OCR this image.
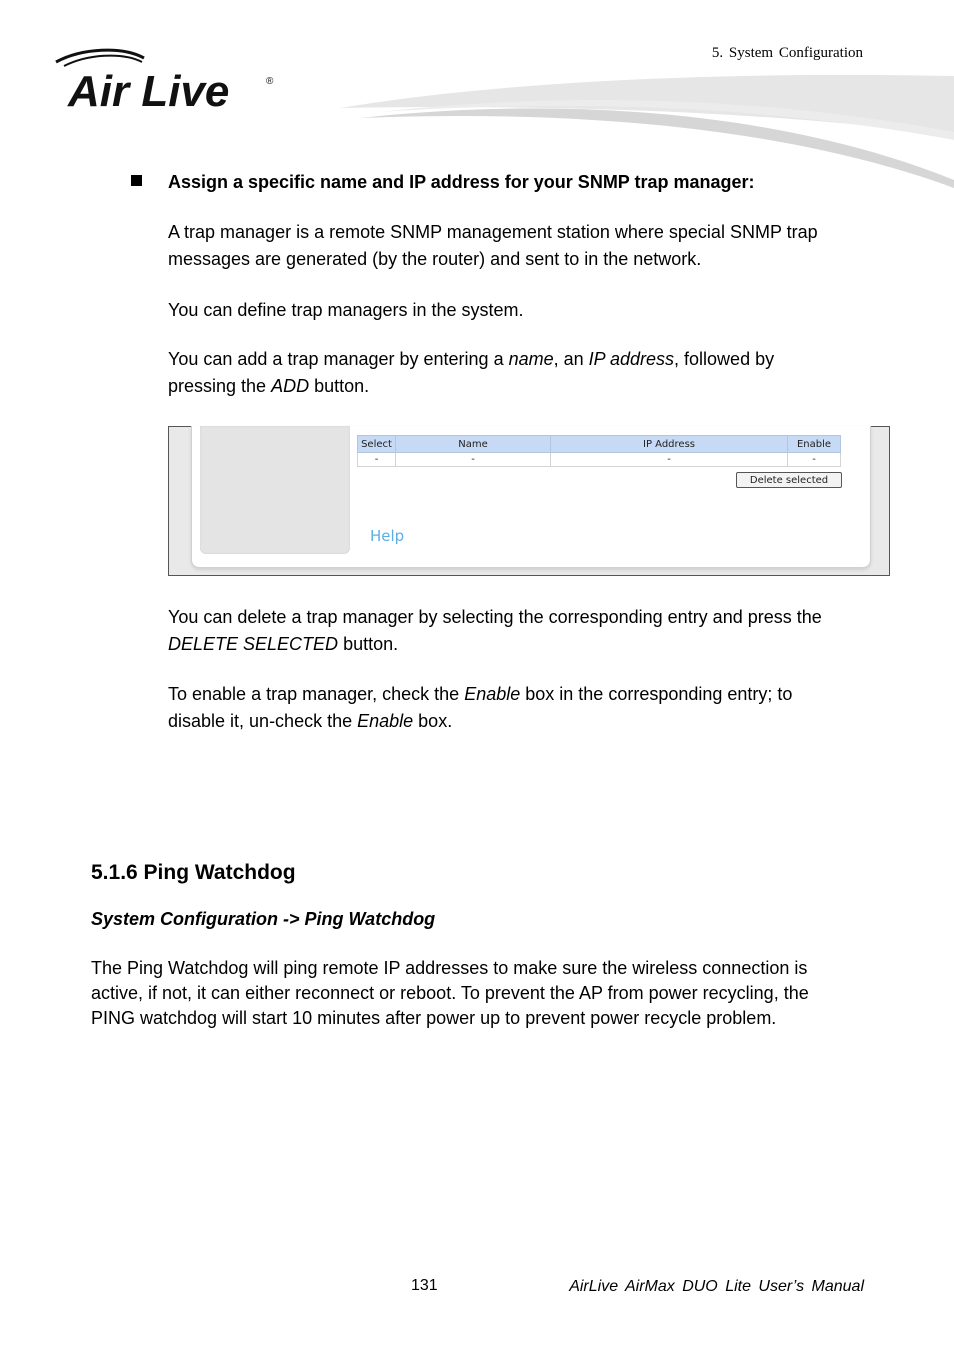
Air Live	®
5. System Configuration
Assign a specific name and IP address for your SNMP trap manager:
A trap manager is a remote SNMP management station where special SNMP trap
messages are generated (by the router) and sent to in the network.
You can define trap managers in the system.
You can add a trap manager by entering a name, an IP address, followed by
pressing the ADD button.
Select	Name	IP Address	Enable
-	-	-	-
Delete selected
Help
You can delete a trap manager by selecting the corresponding entry and press the
DELETE SELECTED button.
To enable a trap manager, check the Enable box in the corresponding entry; to
disable it, un-check the Enable box.
5.1.6 Ping Watchdog
System Configuration -> Ping Watchdog
The Ping Watchdog will ping remote IP addresses to make sure the wireless connection is
active, if not, it can either reconnect or reboot. To prevent the AP from power recycling, the
PING watchdog will start 10 minutes after power up to prevent power recycle problem.
131	AirLive AirMax DUO Lite User’s Manual
